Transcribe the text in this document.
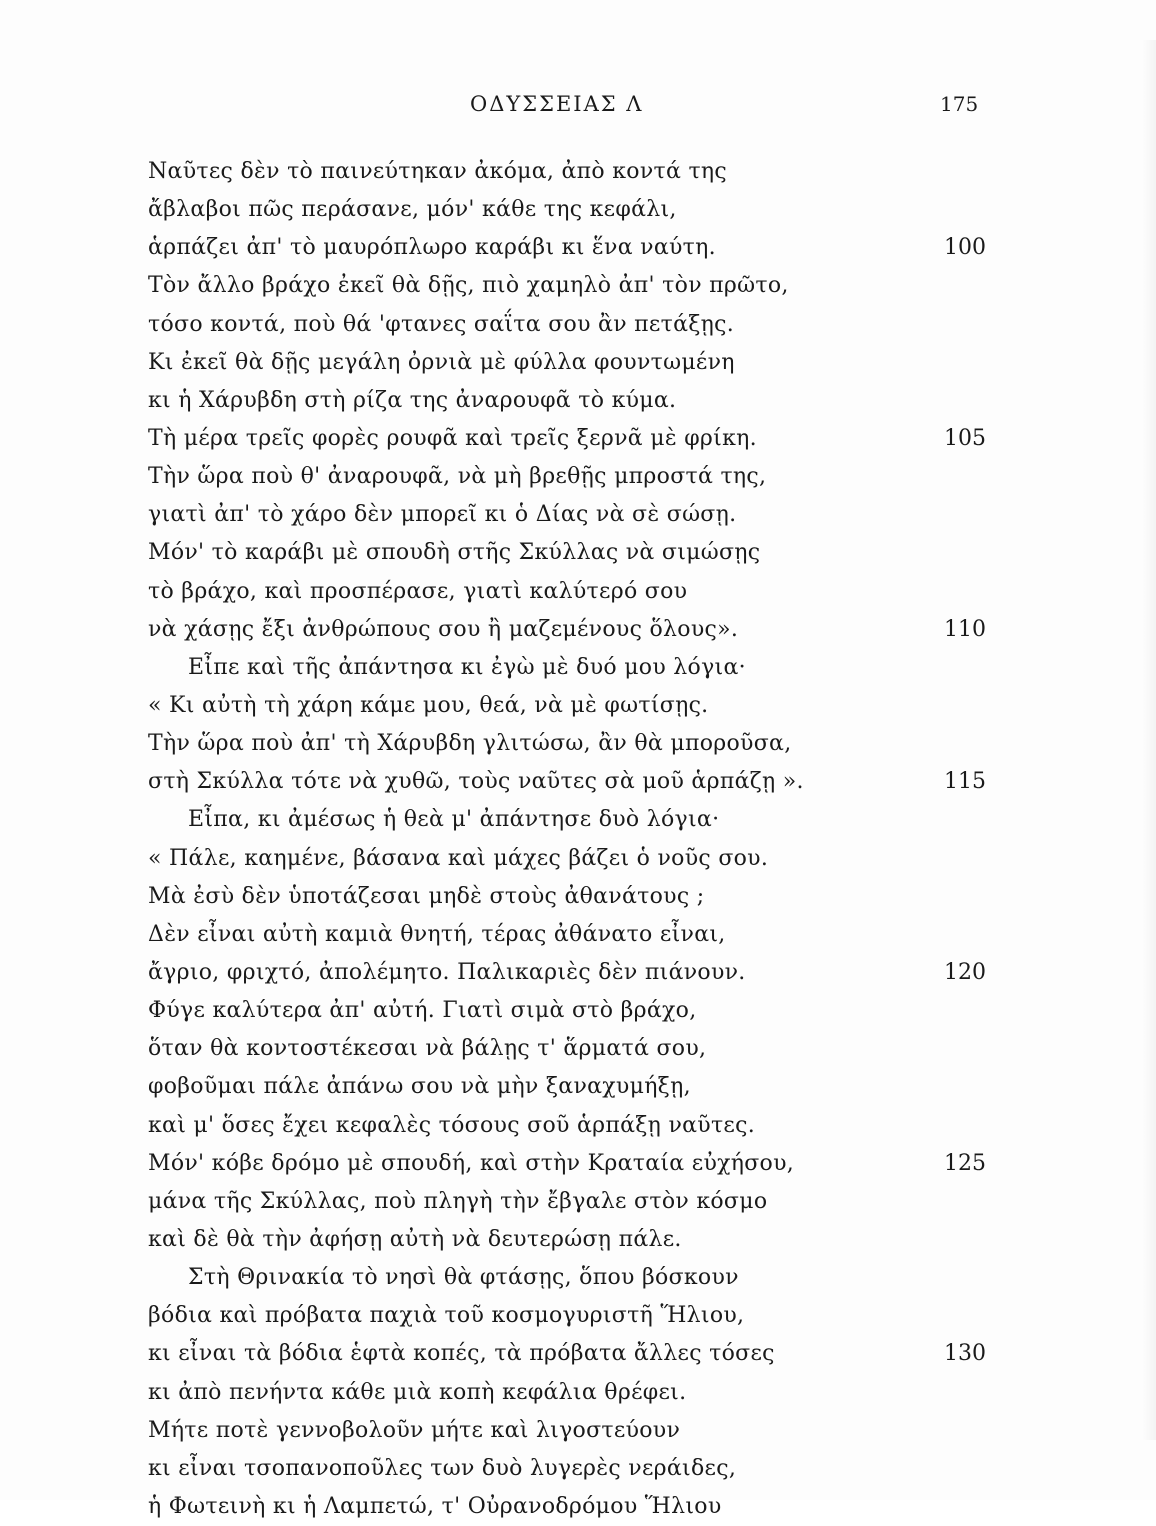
ΟΔΥΣΣΕΙΑΣ Λ	175
Ναῦτες δὲν τὸ παινεύτηκαν ἀκόμα, ἀπὸ κοντά της
ἄβλαβοι πῶς περάσανε, μόν' κάθε της κεφάλι,
ἁρπάζει ἀπ' τὸ μαυρόπλωρο καράβι κι ἕνα ναύτη.	100
Τὸν ἄλλο βράχο ἐκεῖ θὰ δῇς, πιὸ χαμηλὸ ἀπ' τὸν πρῶτο,
τόσο κοντά, ποὺ θά 'φτανες σαΐτα σου ἂν πετάξῃς.
Κι ἐκεῖ θὰ δῇς μεγάλη ὀρνιὰ μὲ φύλλα φουντωμένη
κι ἡ Χάρυβδη στὴ ρίζα της ἀναρουφᾶ τὸ κύμα.
Τὴ μέρα τρεῖς φορὲς ρουφᾶ καὶ τρεῖς ξερνᾶ μὲ φρίκη.	105
Τὴν ὥρα ποὺ θ' ἀναρουφᾶ, νὰ μὴ βρεθῇς μπροστά της,
γιατὶ ἀπ' τὸ χάρο δὲν μπορεῖ κι ὁ Δίας νὰ σὲ σώσῃ.
Μόν' τὸ καράβι μὲ σπουδὴ στῆς Σκύλλας νὰ σιμώσῃς
τὸ βράχο, καὶ προσπέρασε, γιατὶ καλύτερό σου
νὰ χάσῃς ἔξι ἀνθρώπους σου ἢ μαζεμένους ὅλους».	110
Εἶπε καὶ τῆς ἀπάντησα κι ἐγὼ μὲ δυό μου λόγια·
« Κι αὐτὴ τὴ χάρη κάμε μου, θεά, νὰ μὲ φωτίσῃς.
Τὴν ὥρα ποὺ ἀπ' τὴ Χάρυβδη γλιτώσω, ἂν θὰ μποροῦσα,
στὴ Σκύλλα τότε νὰ χυθῶ, τοὺς ναῦτες σὰ μοῦ ἁρπάζῃ ».	115
Εἶπα, κι ἀμέσως ἡ θεὰ μ' ἀπάντησε δυὸ λόγια·
« Πάλε, καημένε, βάσανα καὶ μάχες βάζει ὁ νοῦς σου.
Μὰ ἐσὺ δὲν ὑποτάζεσαι μηδὲ στοὺς ἀθανάτους ;
Δὲν εἶναι αὐτὴ καμιὰ θνητή, τέρας ἀθάνατο εἶναι,
ἄγριο, φριχτό, ἀπολέμητο. Παλικαριὲς δὲν πιάνουν.	120
Φύγε καλύτερα ἀπ' αὐτή. Γιατὶ σιμὰ στὸ βράχο,
ὅταν θὰ κοντοστέκεσαι νὰ βάλῃς τ' ἅρματά σου,
φοβοῦμαι πάλε ἀπάνω σου νὰ μὴν ξαναχυμήξῃ,
καὶ μ' ὅσες ἔχει κεφαλὲς τόσους σοῦ ἁρπάξῃ ναῦτες.
Μόν' κόβε δρόμο μὲ σπουδή, καὶ στὴν Κραταία εὐχήσου,	125
μάνα τῆς Σκύλλας, ποὺ πληγὴ τὴν ἔβγαλε στὸν κόσμο
καὶ δὲ θὰ τὴν ἀφήσῃ αὐτὴ νὰ δευτερώσῃ πάλε.
Στὴ Θρινακία τὸ νησὶ θὰ φτάσῃς, ὅπου βόσκουν
βόδια καὶ πρόβατα παχιὰ τοῦ κοσμογυριστῆ Ἥλιου,
κι εἶναι τὰ βόδια ἑφτὰ κοπές, τὰ πρόβατα ἄλλες τόσες	130
κι ἀπὸ πενήντα κάθε μιὰ κοπὴ κεφάλια θρέφει.
Μήτε ποτὲ γεννοβολοῦν μήτε καὶ λιγοστεύουν
κι εἶναι τσοπανοποῦλες των δυὸ λυγερὲς νεράιδες,
ἡ Φωτεινὴ κι ἡ Λαμπετώ, τ' Οὐρανοδρόμου Ἥλιου
